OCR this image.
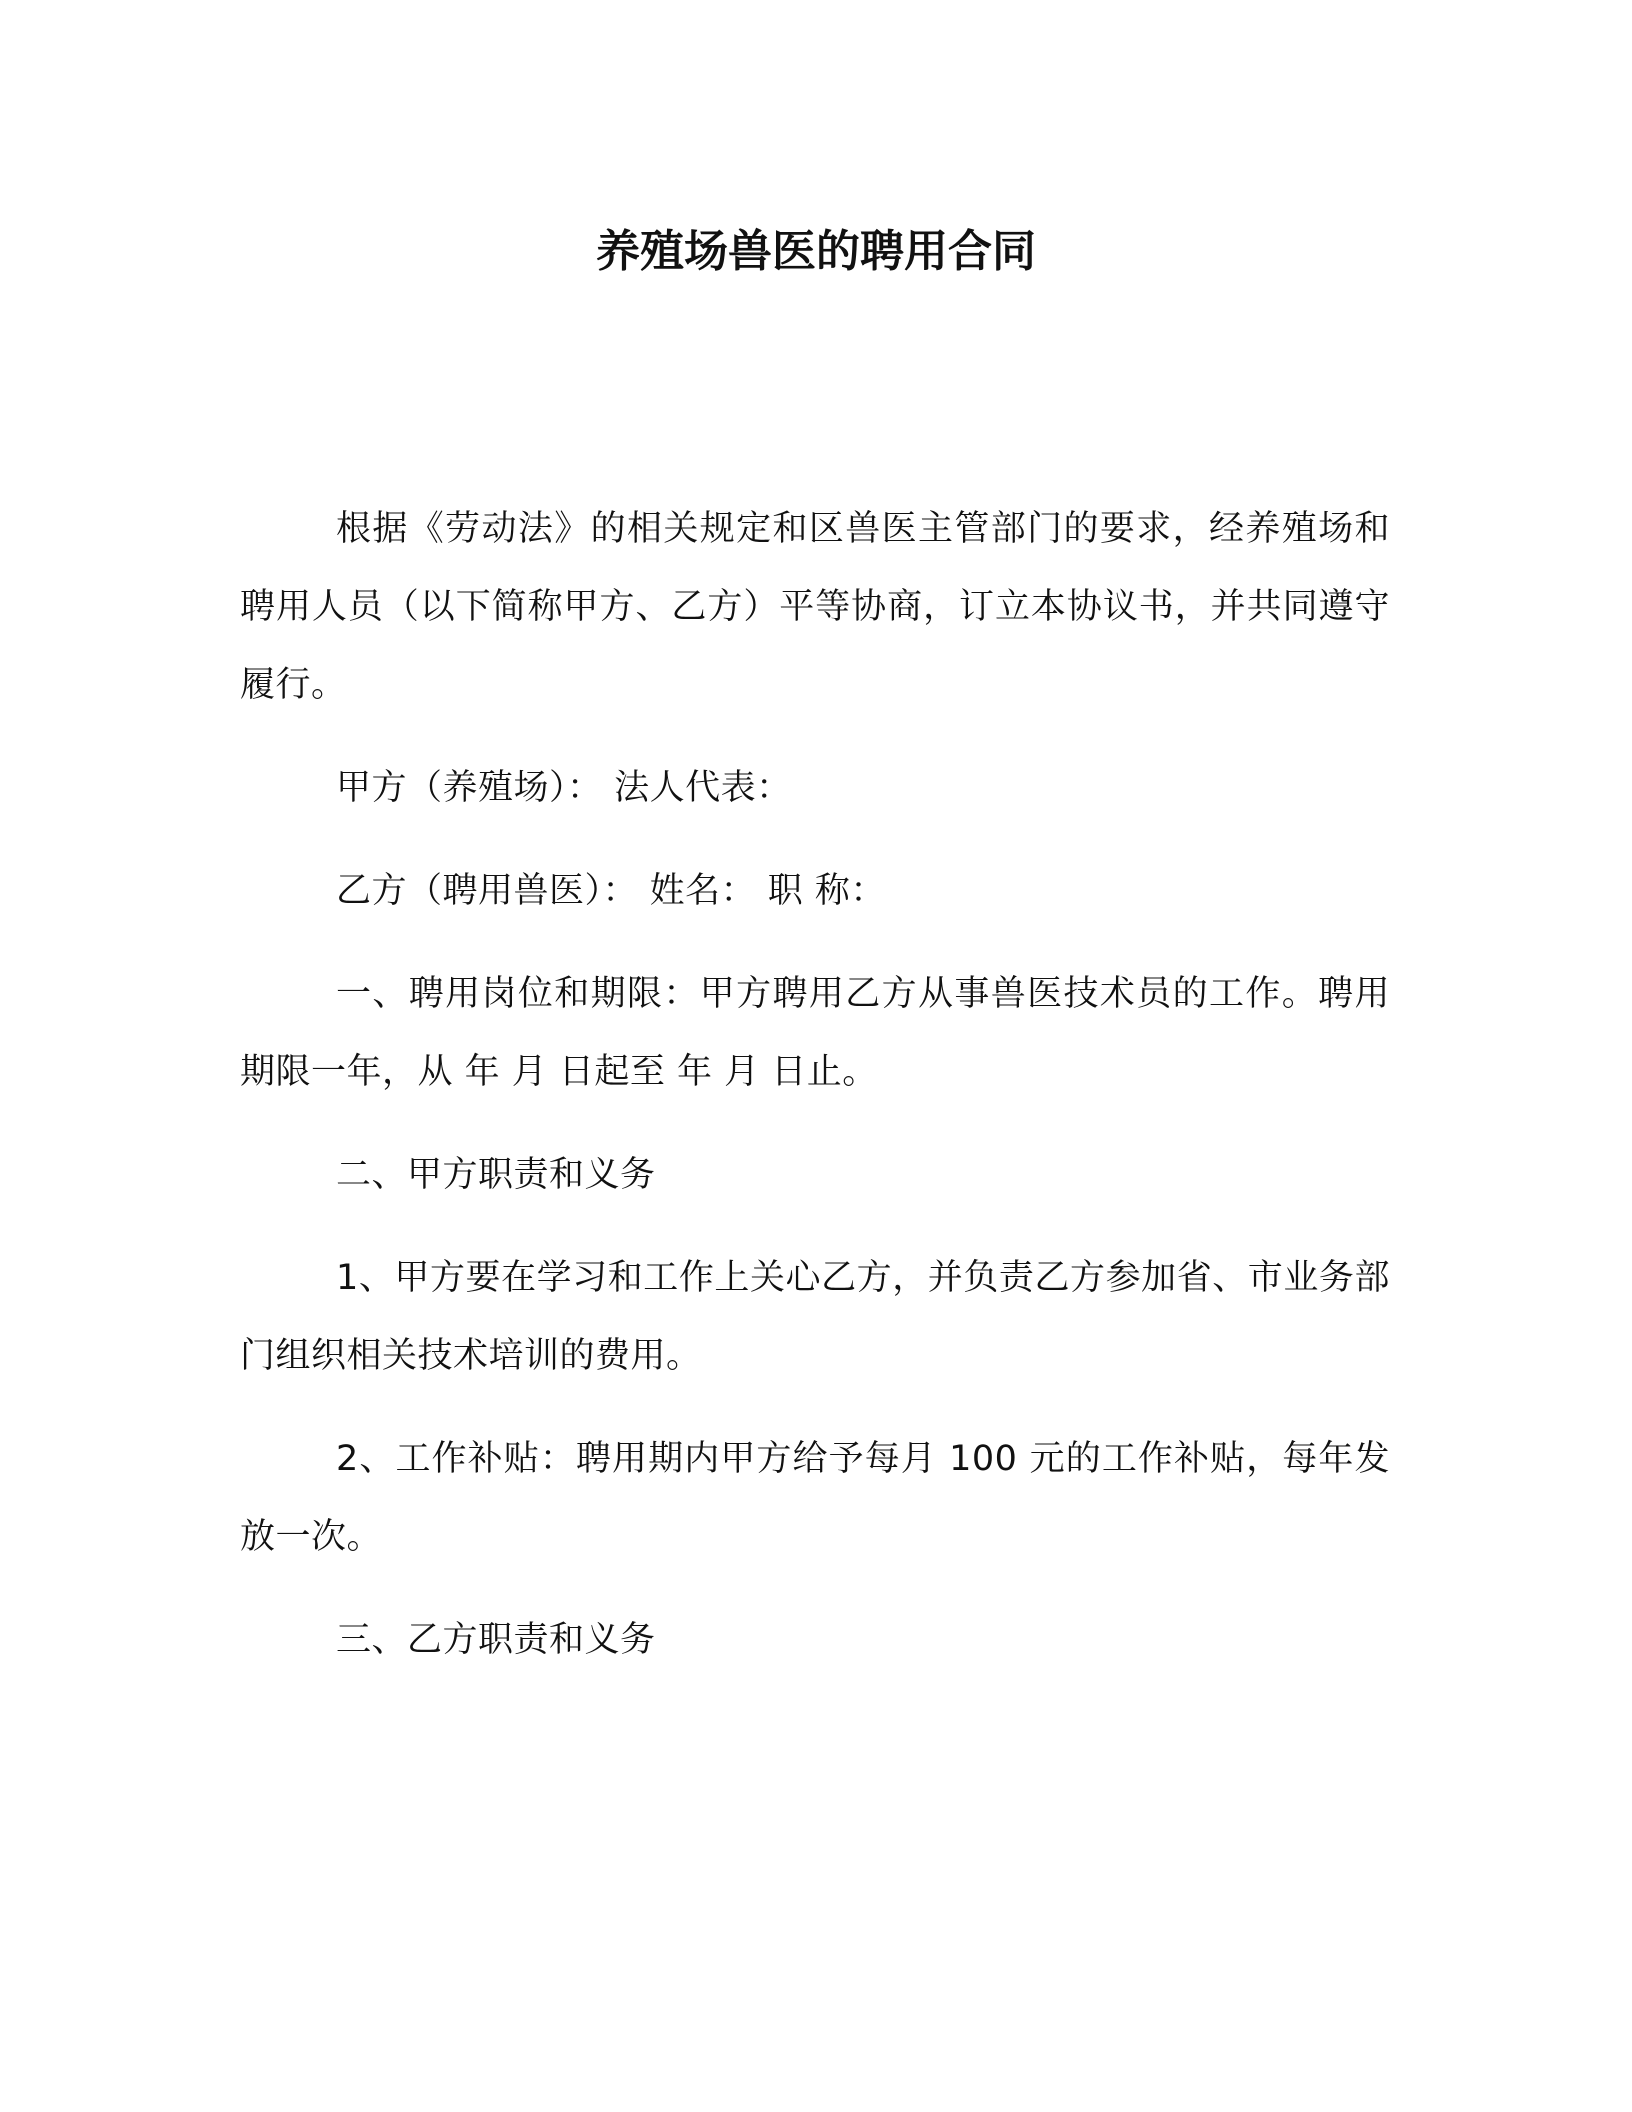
养殖场兽医的聘用合同

根据《劳动法》的相关规定和区兽医主管部门的要求，经养殖场和聘用人员（以下简称甲方、乙方）平等协商，订立本协议书，并共同遵守履行。

甲方（养殖场）： 法人代表：

乙方（聘用兽医）： 姓名： 职 称：

一、聘用岗位和期限：甲方聘用乙方从事兽医技术员的工作。聘用期限一年，从 年 月 日起至 年 月 日止。

二、甲方职责和义务

1、甲方要在学习和工作上关心乙方，并负责乙方参加省、市业务部门组织相关技术培训的费用。

2、工作补贴：聘用期内甲方给予每月 100 元的工作补贴，每年发放一次。

三、乙方职责和义务
